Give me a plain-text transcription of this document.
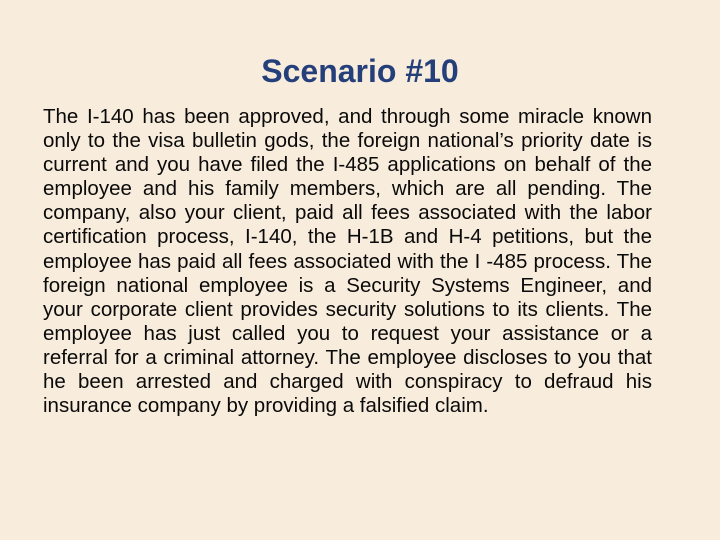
Scenario #10

The I-140 has been approved, and through some miracle known only to the visa bulletin gods, the foreign national’s priority date is current and you have filed the I-485 applications on behalf of the employee and his family members, which are all pending. The company, also your client, paid all fees associated with the labor certification process, I-140, the H-1B and H-4 petitions, but the employee has paid all fees associated with the I -485 process. The foreign national employee is a Security Systems Engineer, and your corporate client provides security solutions to its clients. The employee has just called you to request your assistance or a referral for a criminal attorney. The employee discloses to you that he been arrested and charged with conspiracy to defraud his insurance company by providing a falsified claim.
